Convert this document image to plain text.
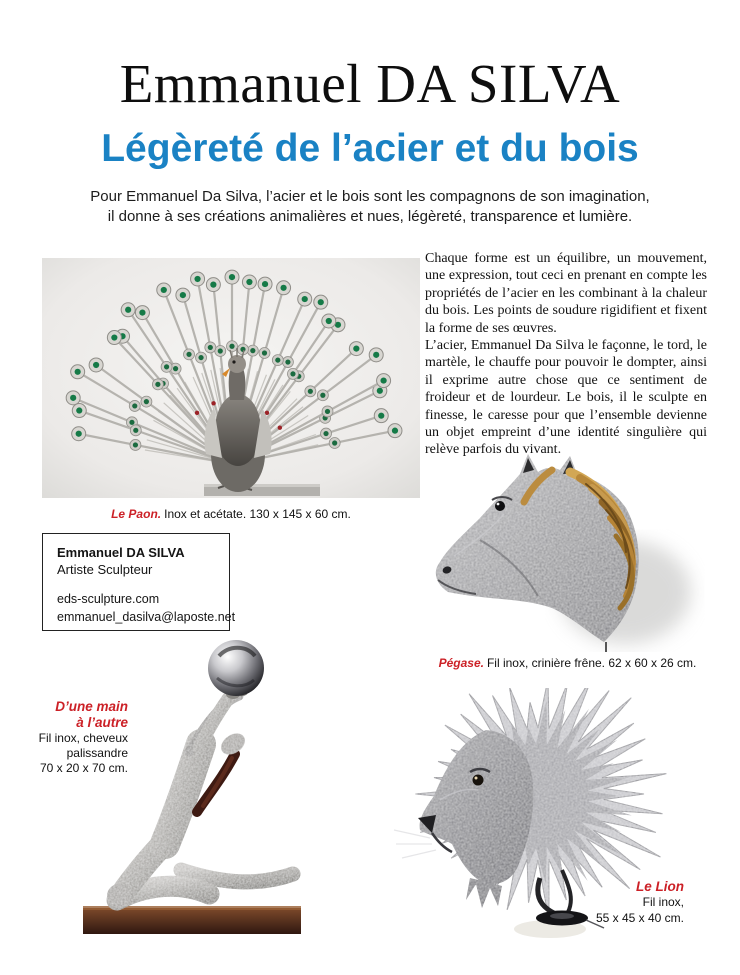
Emmanuel DA SILVA
Légèreté de l’acier et du bois
Pour Emmanuel Da Silva, l’acier et le bois sont les compagnons de son imagination,
il donne à ses créations animalières et nues, légèreté, transparence et lumière.
Le Paon. Inox et acétate. 130 x 145 x 60 cm.

Chaque forme est un équilibre, un mouvement, une expression, tout ceci en prenant en compte les propriétés de l’acier en les combinant à la chaleur du bois. Les points de soudure rigidifient et fixent la forme de ses œuvres.

L’acier, Emmanuel Da Silva le façonne, le tord, le martèle, le chauffe pour pouvoir le dompter, ainsi il exprime autre chose que ce sentiment de froideur et de lourdeur. Le bois, il le sculpte en finesse, le caresse pour que l’ensemble devienne un objet empreint d’une identité singulière qui relève parfois du vivant.

Emmanuel DA SILVA
Artiste Sculpteur
eds-sculpture.com
emmanuel_dasilva@laposte.net
Pégase. Fil inox, crinière frêne. 62 x 60 x 26 cm.
D’une main
à l’autre
Fil inox, cheveux
palissandre
70 x 20 x 70 cm.
Le Lion
Fil inox,
55 x 45 x 40 cm.
